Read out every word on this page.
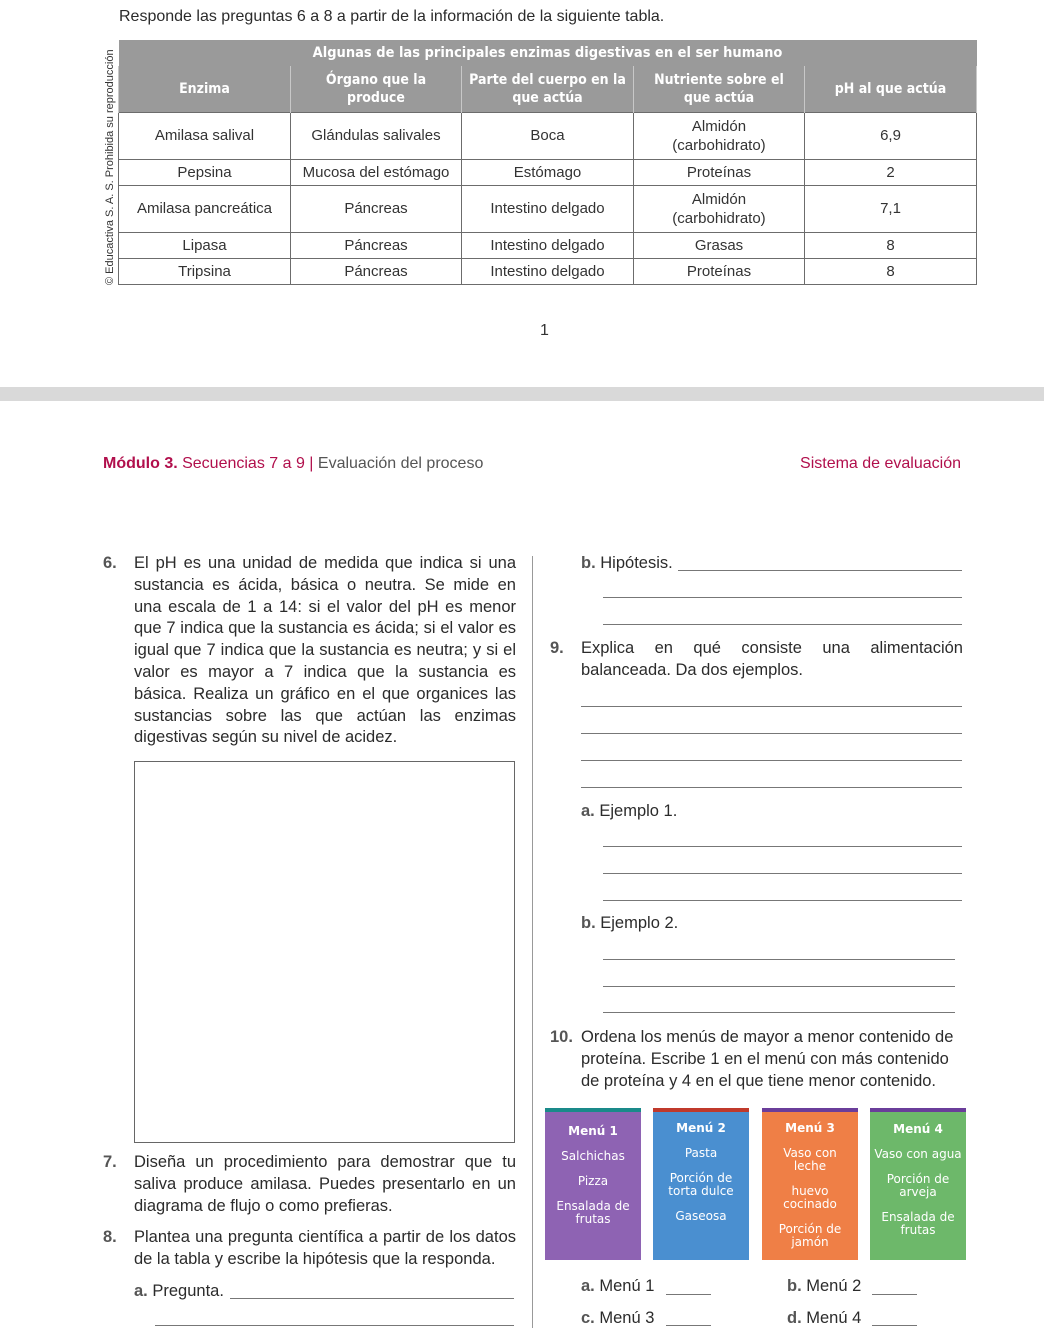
Responde las preguntas 6 a 8 a partir de la información de la siguiente tabla.
© Educactiva S. A. S. Prohibida su reproducción	Algunas de las principales enzimas digestivas en el ser humano				
Enzima	Órgano que la produce	Parte del cuerpo en la que actúa	Nutriente sobre el que actúa	pH al que actúa
Amilasa salival	Glándulas salivales	Boca	Almidón (carbohidrato)	6,9
Pepsina	Mucosa del estómago	Estómago	Proteínas	2
Amilasa pancreática	Páncreas	Intestino delgado	Almidón (carbohidrato)	7,1
Lipasa	Páncreas	Intestino delgado	Grasas	8
Tripsina	Páncreas	Intestino delgado	Proteínas	8
1
Módulo 3. Secuencias 7 a 9 | Evaluación del proceso	Sistema de evaluación
6. El pH es una unidad de medida que indica si una sustancia es ácida, básica o neutra. Se mide en una escala de 1 a 14: si el valor del pH es menor que 7 indica que la sustancia es ácida; si el valor es igual que 7 indica que la sustancia es neutra; y si el valor es mayor a 7 indica que la sustancia es básica. Realiza un gráfico en el que organices las sustancias sobre las que actúan las enzimas digestivas según su nivel de acidez.
7. Diseña un procedimiento para demostrar que tu saliva produce amilasa. Puedes presentarlo en un diagrama de flujo o como prefieras.
8. Plantea una pregunta científica a partir de los datos de la tabla y escribe la hipótesis que la responda.
a. Pregunta.
b. Hipótesis.
9. Explica en qué consiste una alimentación balanceada. Da dos ejemplos.
a. Ejemplo 1.
b. Ejemplo 2.
10. Ordena los menús de mayor a menor contenido de proteína. Escribe 1 en el menú con más contenido de proteína y 4 en el que tiene menor contenido.
Menú 1
Salchichas
Pizza
Ensalada de frutas
Menú 2
Pasta
Porción de torta dulce
Gaseosa
Menú 3
Vaso con leche
huevo cocinado
Porción de jamón
Menú 4
Vaso con agua
Porción de arveja
Ensalada de frutas
a. Menú 1	b. Menú 2
c. Menú 3	d. Menú 4
